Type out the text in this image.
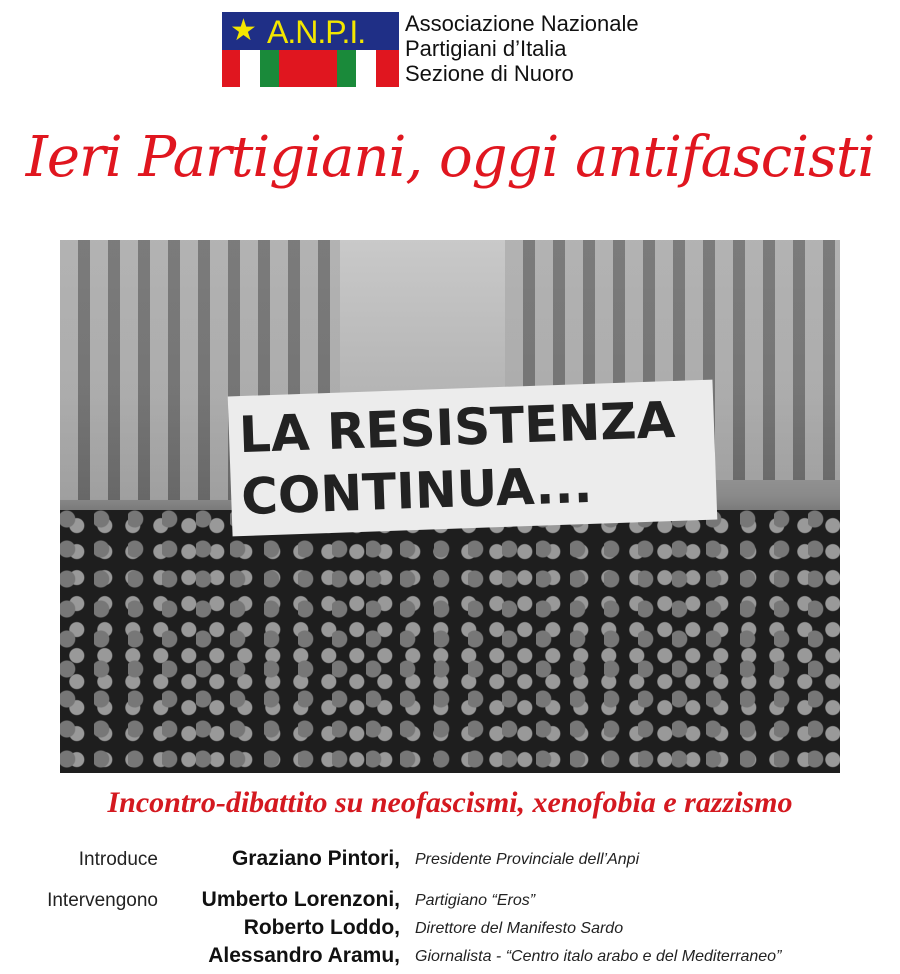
★ A.N.P.I. Associazione Nazionale
Partigiani d’Italia
Sezione di Nuoro
Ieri Partigiani, oggi antifascisti
LA RESISTENZA
CONTINUA...
Incontro-dibattito su neofascismi, xenofobia e razzismo
Introduce	Graziano Pintori, Presidente Provinciale dell’Anpi
Intervengono Umberto Lorenzoni, Partigiano “Eros”
Roberto Loddo, Direttore del Manifesto Sardo
Alessandro Aramu, Giornalista - “Centro italo arabo e del Mediterraneo”
